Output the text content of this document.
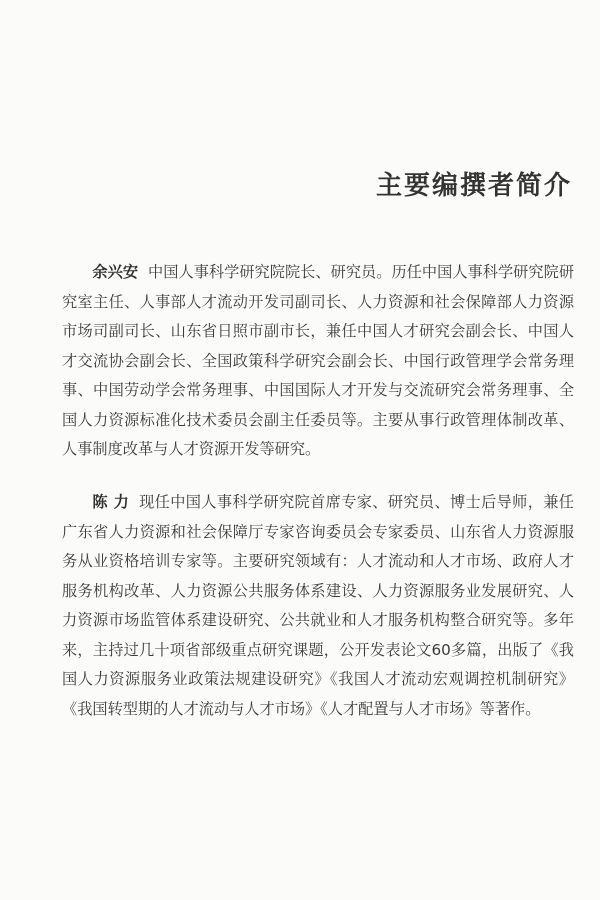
主要编撰者简介

余兴安 中国人事科学研究院院长、研究员。历任中国人事科学研究院研究室主任、人事部人才流动开发司副司长、人力资源和社会保障部人力资源市场司副司长、山东省日照市副市长，兼任中国人才研究会副会长、中国人才交流协会副会长、全国政策科学研究会副会长、中国行政管理学会常务理事、中国劳动学会常务理事、中国国际人才开发与交流研究会常务理事、全国人力资源标准化技术委员会副主任委员等。主要从事行政管理体制改革、人事制度改革与人才资源开发等研究。

陈 力 现任中国人事科学研究院首席专家、研究员、博士后导师，兼任广东省人力资源和社会保障厅专家咨询委员会专家委员、山东省人力资源服务从业资格培训专家等。主要研究领域有：人才流动和人才市场、政府人才服务机构改革、人力资源公共服务体系建设、人力资源服务业发展研究、人力资源市场监管体系建设研究、公共就业和人才服务机构整合研究等。多年来，主持过几十项省部级重点研究课题，公开发表论文60多篇，出版了《我国人力资源服务业政策法规建设研究》《我国人才流动宏观调控机制研究》《我国转型期的人才流动与人才市场》《人才配置与人才市场》等著作。
